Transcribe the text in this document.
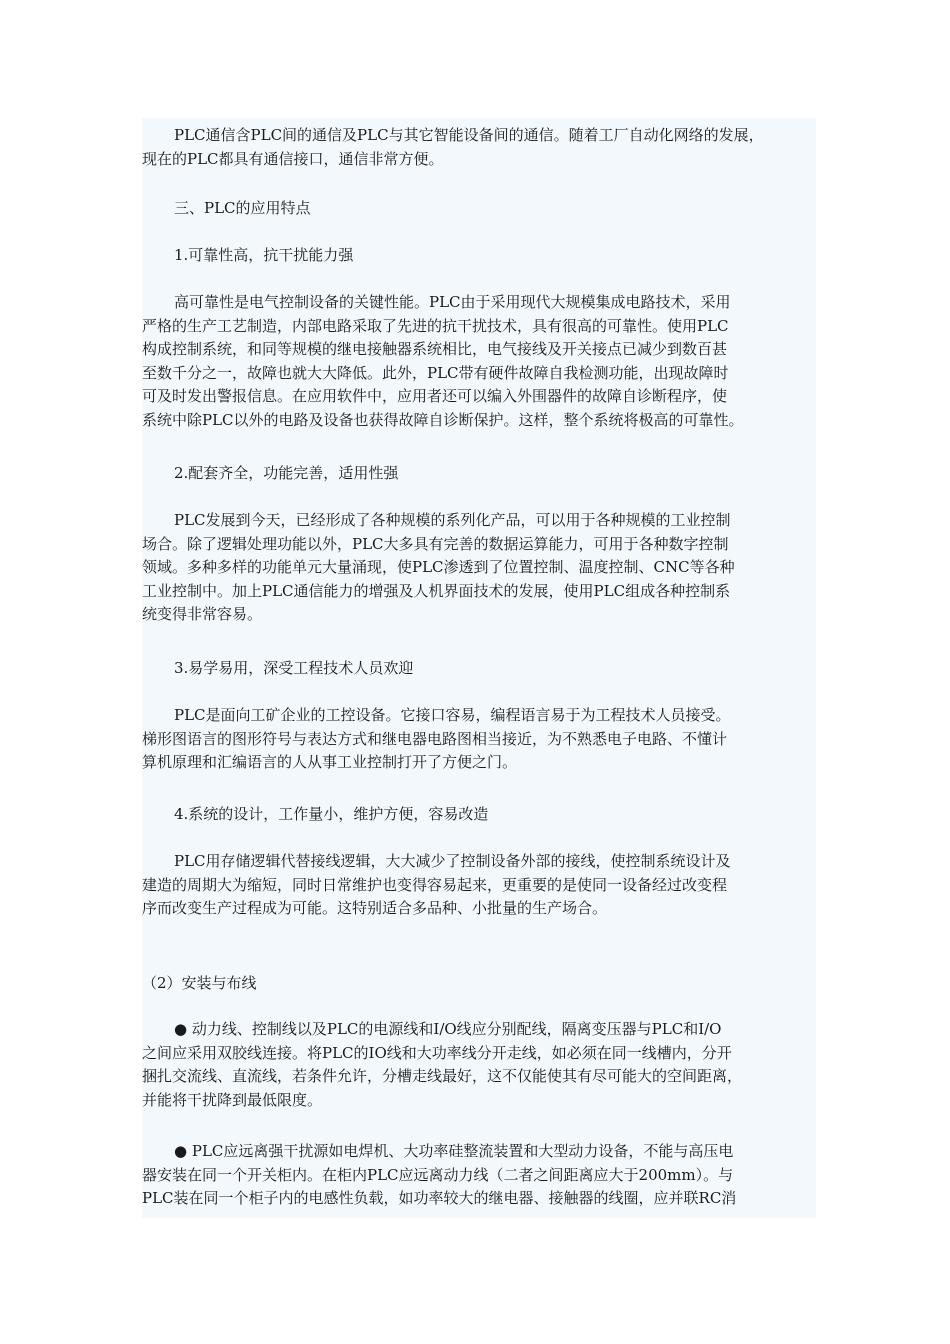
PLC通信含PLC间的通信及PLC与其它智能设备间的通信。随着工厂自动化网络的发展，
现在的PLC都具有通信接口，通信非常方便。
三、PLC的应用特点
1.可靠性高，抗干扰能力强
高可靠性是电气控制设备的关键性能。PLC由于采用现代大规模集成电路技术，采用
严格的生产工艺制造，内部电路采取了先进的抗干扰技术，具有很高的可靠性。使用PLC
构成控制系统，和同等规模的继电接触器系统相比，电气接线及开关接点已减少到数百甚
至数千分之一，故障也就大大降低。此外，PLC带有硬件故障自我检测功能，出现故障时
可及时发出警报信息。在应用软件中，应用者还可以编入外围器件的故障自诊断程序，使
系统中除PLC以外的电路及设备也获得故障自诊断保护。这样，整个系统将极高的可靠性。
2.配套齐全，功能完善，适用性强
PLC发展到今天，已经形成了各种规模的系列化产品，可以用于各种规模的工业控制
场合。除了逻辑处理功能以外，PLC大多具有完善的数据运算能力，可用于各种数字控制
领域。多种多样的功能单元大量涌现，使PLC渗透到了位置控制、温度控制、CNC等各种
工业控制中。加上PLC通信能力的增强及人机界面技术的发展，使用PLC组成各种控制系
统变得非常容易。
3.易学易用，深受工程技术人员欢迎
PLC是面向工矿企业的工控设备。它接口容易，编程语言易于为工程技术人员接受。
梯形图语言的图形符号与表达方式和继电器电路图相当接近，为不熟悉电子电路、不懂计
算机原理和汇编语言的人从事工业控制打开了方便之门。
4.系统的设计，工作量小，维护方便，容易改造
PLC用存储逻辑代替接线逻辑，大大减少了控制设备外部的接线，使控制系统设计及
建造的周期大为缩短，同时日常维护也变得容易起来，更重要的是使同一设备经过改变程
序而改变生产过程成为可能。这特别适合多品种、小批量的生产场合。
（2）安装与布线
● 动力线、控制线以及PLC的电源线和I/O线应分别配线，隔离变压器与PLC和I/O
之间应采用双胶线连接。将PLC的IO线和大功率线分开走线，如必须在同一线槽内，分开
捆扎交流线、直流线，若条件允许，分槽走线最好，这不仅能使其有尽可能大的空间距离，
并能将干扰降到最低限度。
● PLC应远离强干扰源如电焊机、大功率硅整流装置和大型动力设备，不能与高压电
器安装在同一个开关柜内。在柜内PLC应远离动力线（二者之间距离应大于200mm）。与
PLC装在同一个柜子内的电感性负载，如功率较大的继电器、接触器的线圈，应并联RC消
